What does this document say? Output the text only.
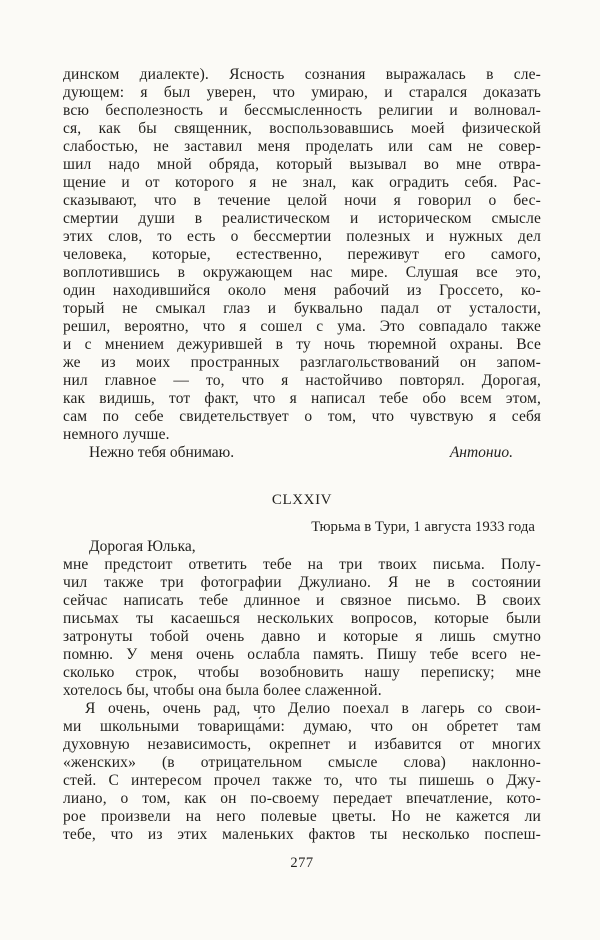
динском диалекте). Ясность сознания выражалась в сле-

дующем: я был уверен, что умираю, и старался доказать

всю бесполезность и бессмысленность религии и волновал-

ся, как бы священник, воспользовавшись моей физической

слабостью, не заставил меня проделать или сам не совер-

шил надо мной обряда, который вызывал во мне отвра-

щение и от которого я не знал, как оградить себя. Рас-

сказывают, что в течение целой ночи я говорил о бес-

смертии души в реалистическом и историческом смысле

этих слов, то есть о бессмертии полезных и нужных дел

человека, которые, естественно, переживут его самого,

воплотившись в окружающем нас мире. Слушая все это,

один находившийся около меня рабочий из Гроссето, ко-

торый не смыкал глаз и буквально падал от усталости,

решил, вероятно, что я сошел с ума. Это совпадало также

и с мнением дежурившей в ту ночь тюремной охраны. Все

же из моих пространных разглагольствований он запом-

нил главное — то, что я настойчиво повторял. Дорогая,

как видишь, тот факт, что я написал тебе обо всем этом,

сам по себе свидетельствует о том, что чувствую я себя

немного лучше.

Нежно тебя обнимаю.	Антонио.
CLXXIV

Тюрьма в Тури, 1 августа 1933 года

Дорогая Юлька,

мне предстоит ответить тебе на три твоих письма. Полу-

чил также три фотографии Джулиано. Я не в состоянии

сейчас написать тебе длинное и связное письмо. В своих

письмах ты касаешься нескольких вопросов, которые были

затронуты тобой очень давно и которые я лишь смутно

помню. У меня очень ослабла память. Пишу тебе всего не-

сколько строк, чтобы возобновить нашу переписку; мне

хотелось бы, чтобы она была более слаженной.

Я очень, очень рад, что Делио поехал в лагерь со свои-

ми школьными товарища́ми: думаю, что он обретет там

духовную независимость, окрепнет и избавится от многих

«женских» (в отрицательном смысле слова) наклонно-

стей. С интересом прочел также то, что ты пишешь о Джу-

лиано, о том, как он по-своему передает впечатление, кото-

рое произвели на него полевые цветы. Но не кажется ли

тебе, что из этих маленьких фактов ты несколько поспеш-

277
